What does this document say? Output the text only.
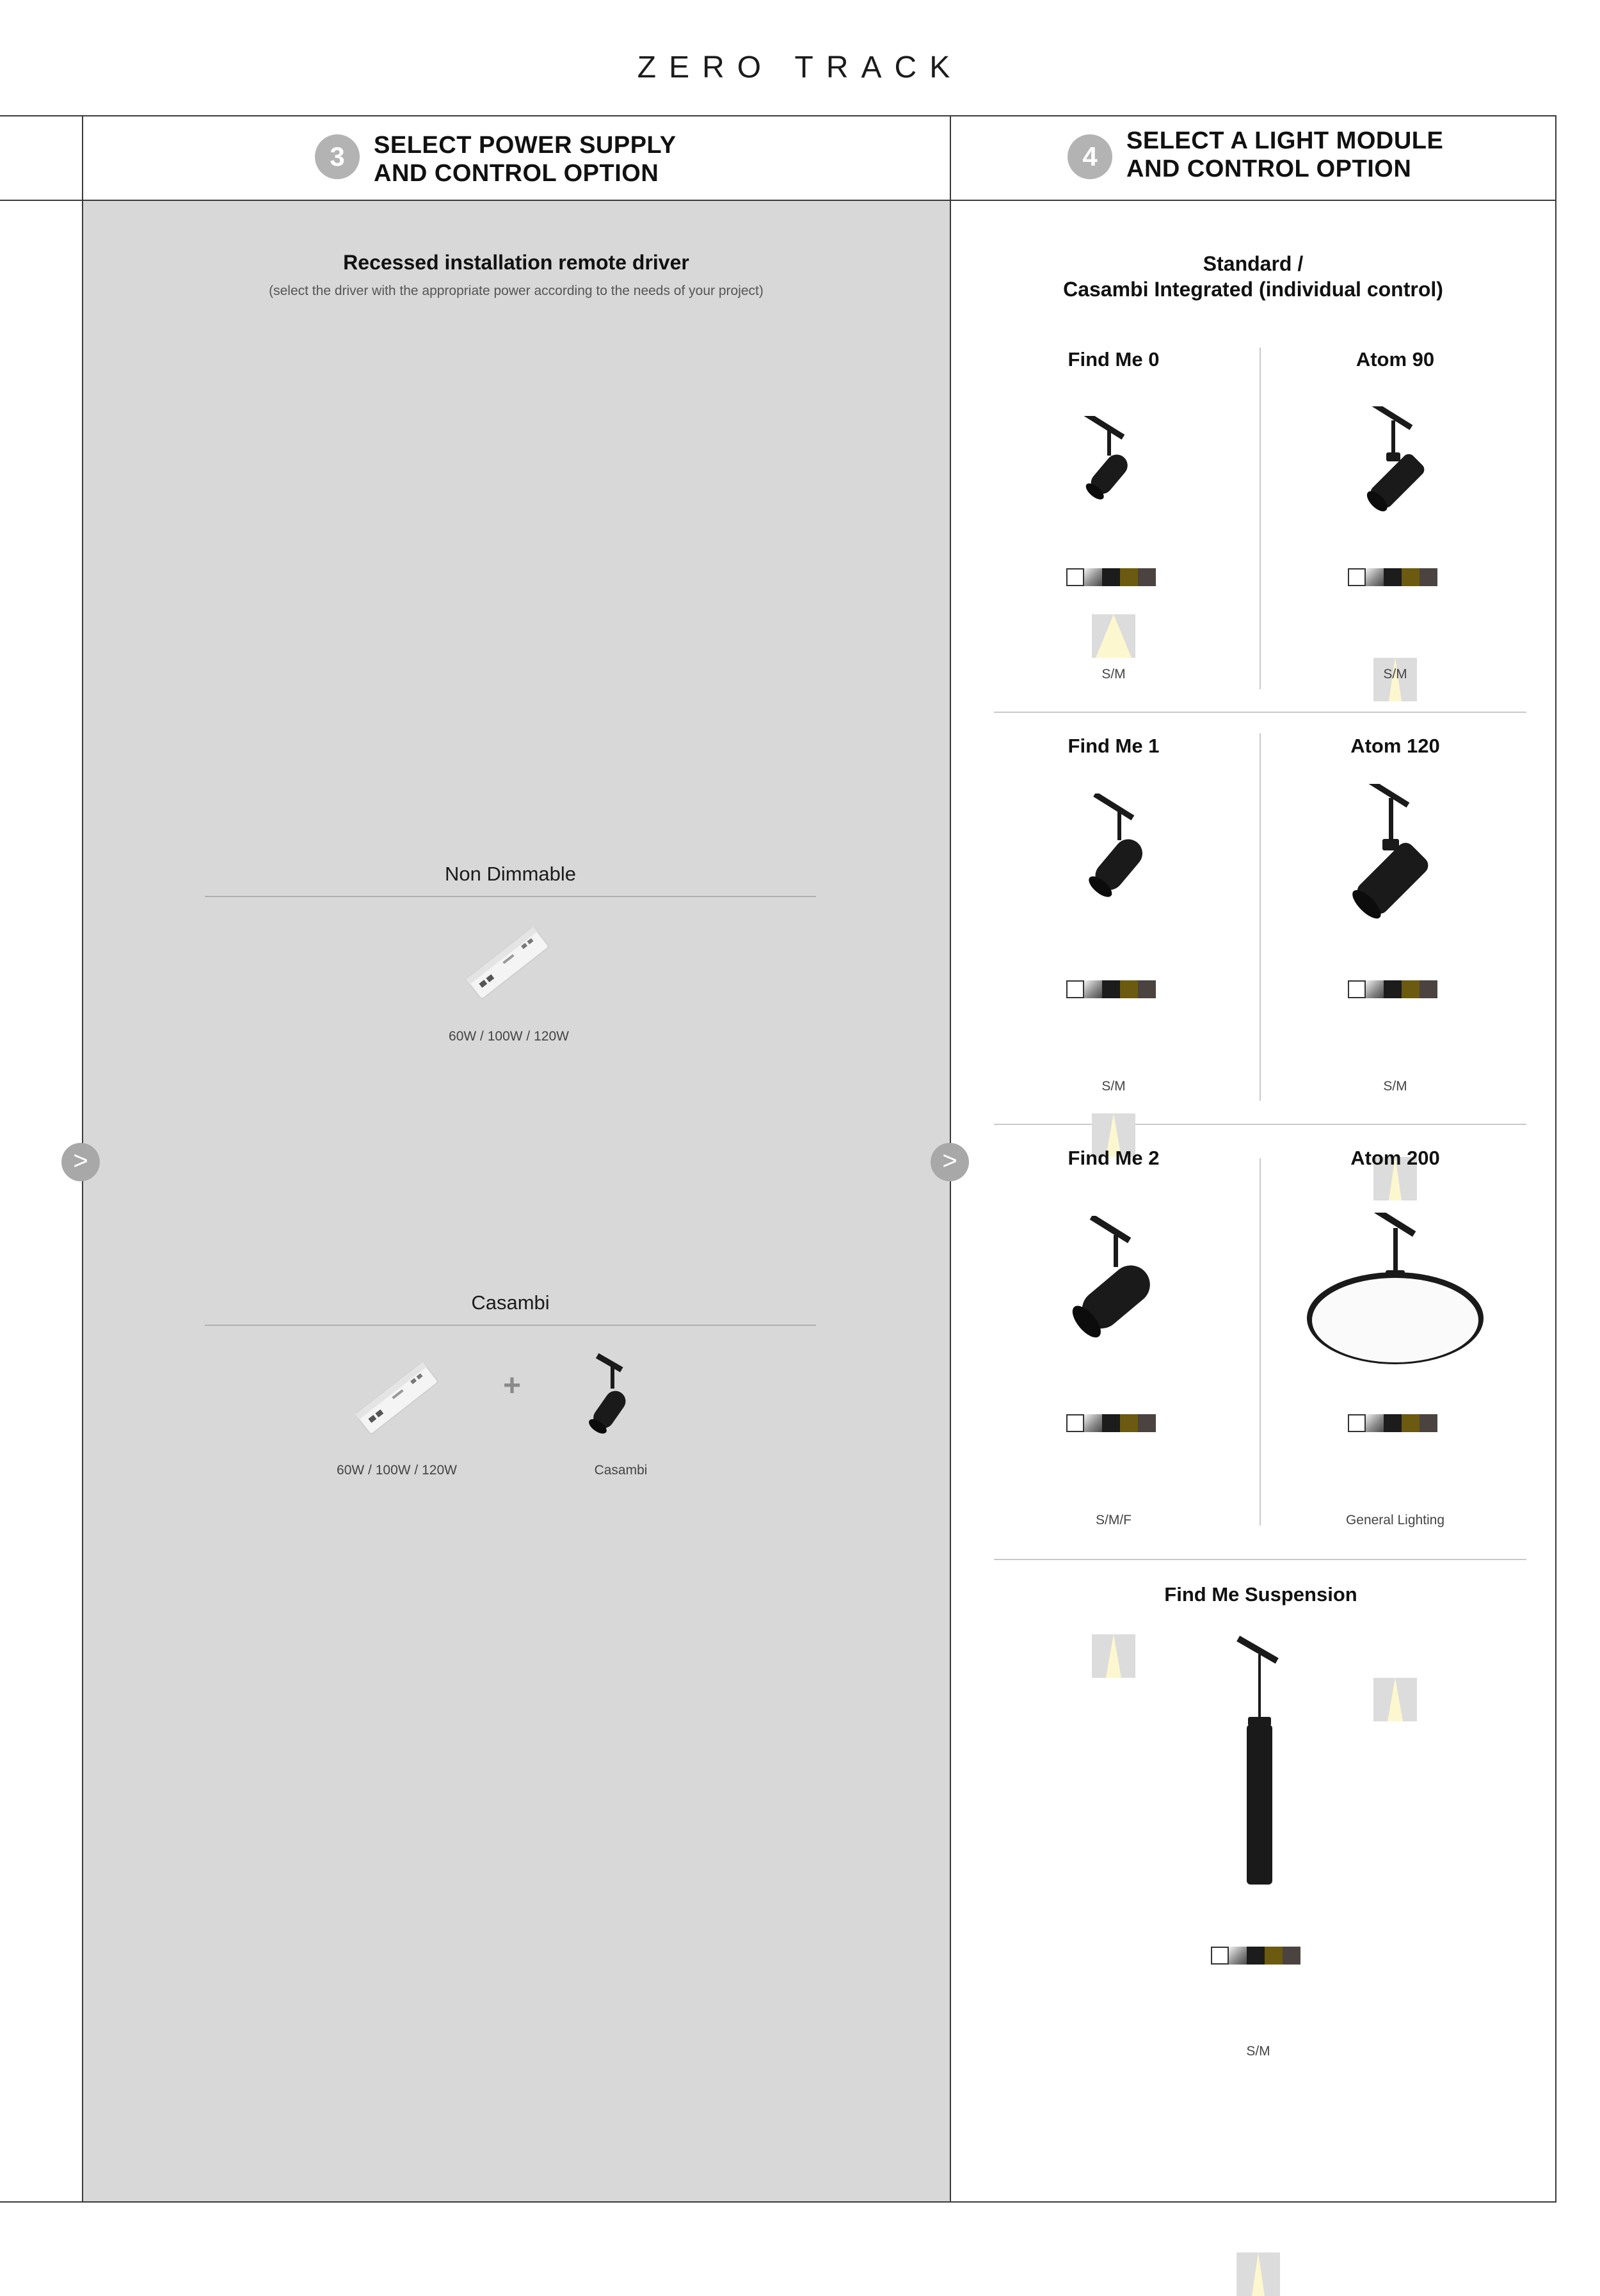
ZERO TRACK
3	SELECT POWER SUPPLY
AND CONTROL OPTION
4
SELECT A LIGHT MODULE
AND CONTROL OPTION
Recessed installation remote driver
(select the driver with the appropriate power according to the needs of your project)
Non Dimmable
60W / 100W / 120W
Casambi
+
60W / 100W / 120W	Casambi
>	>
Standard /
Casambi Integrated (individual control)
Find Me 0
S/M
Atom 90
S/M
Find Me 1
S/M
Atom 120
S/M
Find Me 2
S/M/F
Atom 200
General Lighting
Find Me Suspension
S/M
